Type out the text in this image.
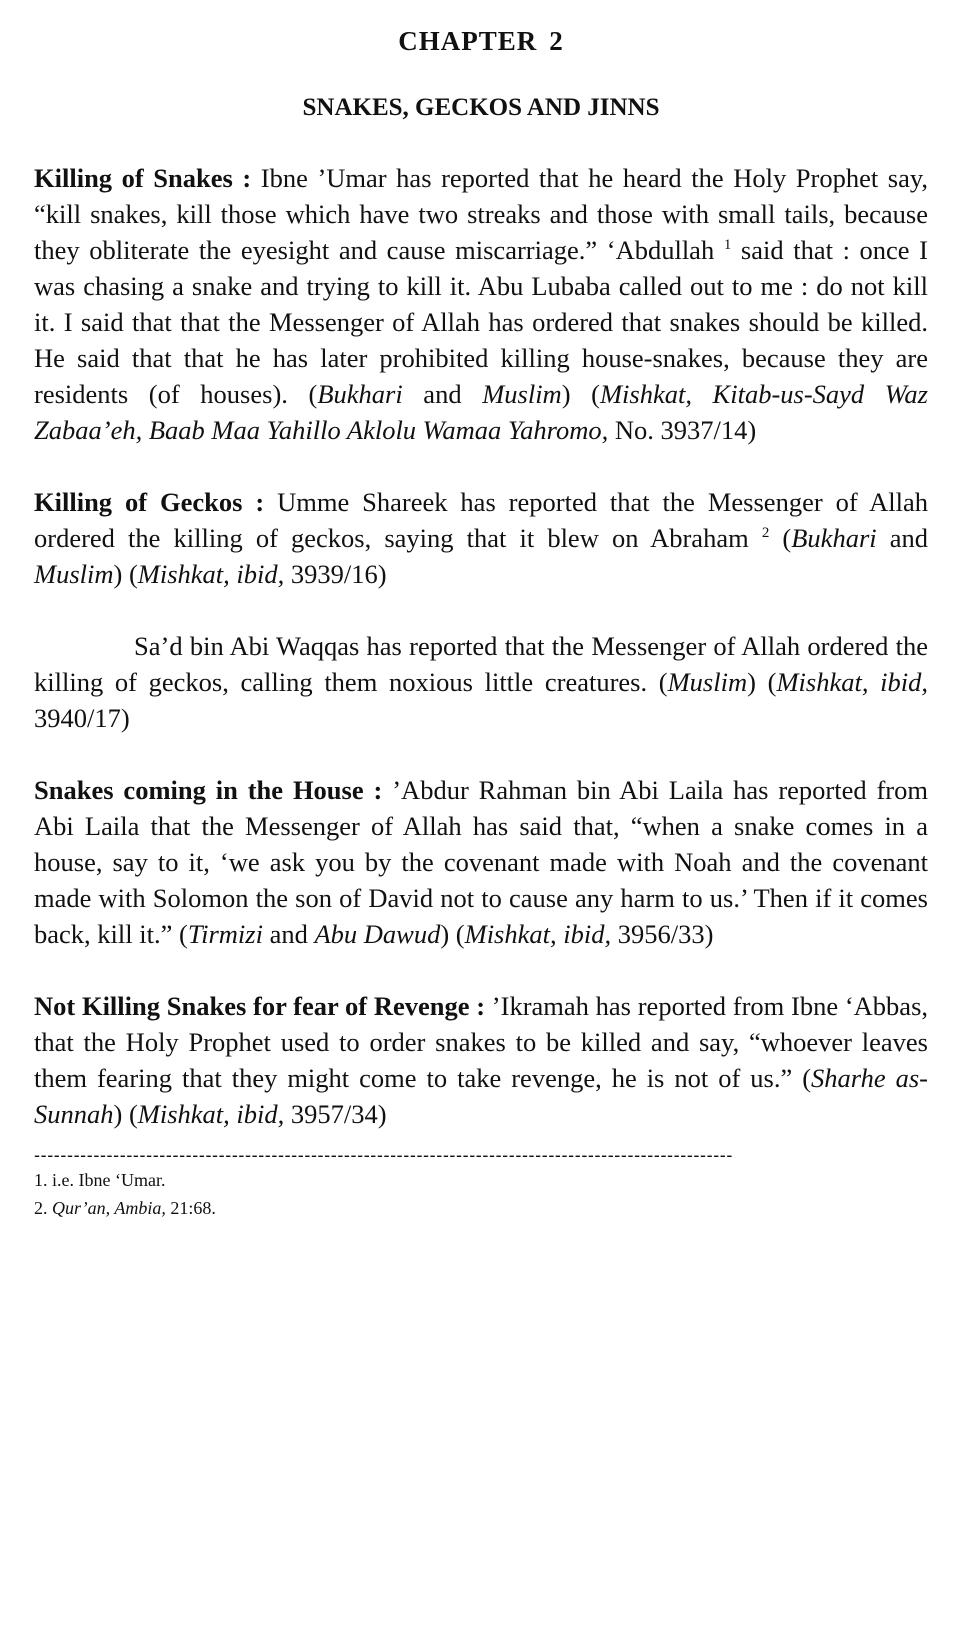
CHAPTER 2
SNAKES, GECKOS AND JINNS

Killing of Snakes : Ibne ’Umar has reported that he heard the Holy Prophet say, “kill snakes, kill those which have two streaks and those with small tails, because they obliterate the eyesight and cause miscarriage.” ‘Abdullah $^1$ said that : once I was chasing a snake and trying to kill it. Abu Lubaba called out to me : do not kill it. I said that that the Messenger of Allah has ordered that snakes should be killed. He said that that he has later prohibited killing house-snakes, because they are residents (of houses). (Bukhari and Muslim) (Mishkat, Kitab-us-Sayd Waz Zabaa’eh, Baab Maa Yahillo Aklolu Wamaa Yahromo, No. 3937/14)

Killing of Geckos : Umme Shareek has reported that the Messenger of Allah ordered the killing of geckos, saying that it blew on Abraham $^2$ (Bukhari and Muslim) (Mishkat, ibid, 3939/16)

Sa’d bin Abi Waqqas has reported that the Messenger of Allah ordered the killing of geckos, calling them noxious little creatures. (Muslim) (Mishkat, ibid, 3940/17)

Snakes coming in the House : ’Abdur Rahman bin Abi Laila has reported from Abi Laila that the Messenger of Allah has said that, “when a snake comes in a house, say to it, ‘we ask you by the covenant made with Noah and the covenant made with Solomon the son of David not to cause any harm to us.’ Then if it comes back, kill it.” (Tirmizi and Abu Dawud) (Mishkat, ibid, 3956/33)

Not Killing Snakes for fear of Revenge : ’Ikramah has reported from Ibne ‘Abbas, that the Holy Prophet used to order snakes to be killed and say, “whoever leaves them fearing that they might come to take revenge, he is not of us.” (Sharhe as-Sunnah) (Mishkat, ibid, 3957/34)

----------------------------------------------------------------------------------------------------------

1. i.e. Ibne ‘Umar.

2. Qur’an, Ambia, 21:68.
